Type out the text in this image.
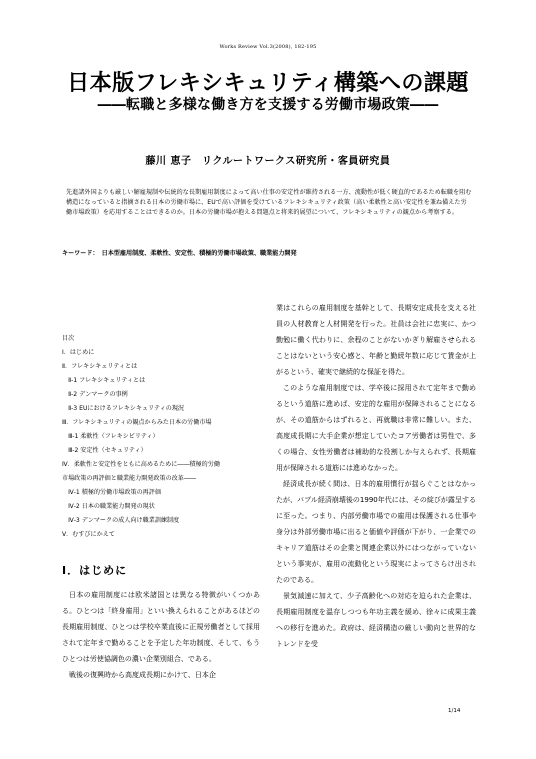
Works Review Vol.3(2008), 182-195
日本版フレキシキュリティ構築への課題
――転職と多様な働き方を支援する労働市場政策――
藤川 恵子　リクルートワークス研究所・客員研究員
先進諸外国よりも厳しい解雇規制や伝統的な長期雇用制度によって高い仕事の安定性が維持される一方、流動性が低く硬直的であるため転職を阻む構造になっていると指摘される日本の労働市場に、EUで高い評価を受けているフレキシキュリティ政策（高い柔軟性と高い安定性を兼ね備えた労働市場政策）を応用することはできるのか。日本の労働市場が抱える問題点と将来的展望について、フレキシキュリティの観点から考察する。
キーワード：　日本型雇用制度、柔軟性、安定性、積極的労働市場政策、職業能力開発
目次
Ⅰ．はじめに
Ⅱ．フレキシキュリティとは
　Ⅱ-1 フレキシキュリティとは
　Ⅱ-2 デンマークの事例
　Ⅱ-3 EUにおけるフレキシキュリティの現況
Ⅲ．フレキシキュリティの観点からみた日本の労働市場
　Ⅲ-1 柔軟性（フレキシビリティ）
　Ⅲ-2 安定性（セキュリティ）
Ⅳ．柔軟性と安定性をともに高めるために――積極的労働
市場政策の再評価と職業能力開発政策の改革――
　Ⅳ-1 積極的労働市場政策の再評価
　Ⅳ-2 日本の職業能力開発の現状
　Ⅳ-3 デンマークの成人向け職業訓練制度
Ⅴ．むすびにかえて
Ⅰ．はじめに

日本の雇用制度には欧米諸国とは異なる特徴がいくつかある。ひとつは「終身雇用」といい換えられることがあるほどの長期雇用制度、ひとつは学校卒業直後に正規労働者として採用されて定年まで勤めることを予定した年功制度、そして、もうひとつは労使協調色の濃い企業別組合、である。

戦後の復興時から高度成長期にかけて、日本企

業はこれらの雇用制度を基幹として、長期安定成長を支える社員の人材教育と人材開発を行った。社員は会社に忠実に、かつ勤勉に働く代わりに、余程のことがないかぎり解雇させられることはないという安心感と、年齢と勤続年数に応じて賃金が上がるという、確実で継続的な保証を得た。

このような雇用制度では、学卒後に採用されて定年まで勤めるという道筋に進めば、安定的な雇用が保障されることになるが、その道筋からはずれると、再就職は非常に難しい。また、高度成長期に大手企業が想定していたコア労働者は男性で、多くの場合、女性労働者は補助的な役割しか与えられず、長期雇用が保障される道筋には進めなかった。

経済成長が続く間は、日本的雇用慣行が揺らぐことはなかったが、バブル経済崩壊後の1990年代には、その綻びが露呈するに至った。つまり、内部労働市場での雇用は保護される仕事や身分は外部労働市場に出ると価値や評価が下がり、一企業でのキャリア道筋はその企業と関連企業以外にはつながっていないという事実が、雇用の流動化という現実によってさらけ出されたのである。

景気減速に加えて、少子高齢化への対応を迫られた企業は、長期雇用制度を温存しつつも年功主義を緩め、徐々に成果主義への移行を進めた。政府は、経済構造の厳しい動向と世界的なトレンドを受

1/14
